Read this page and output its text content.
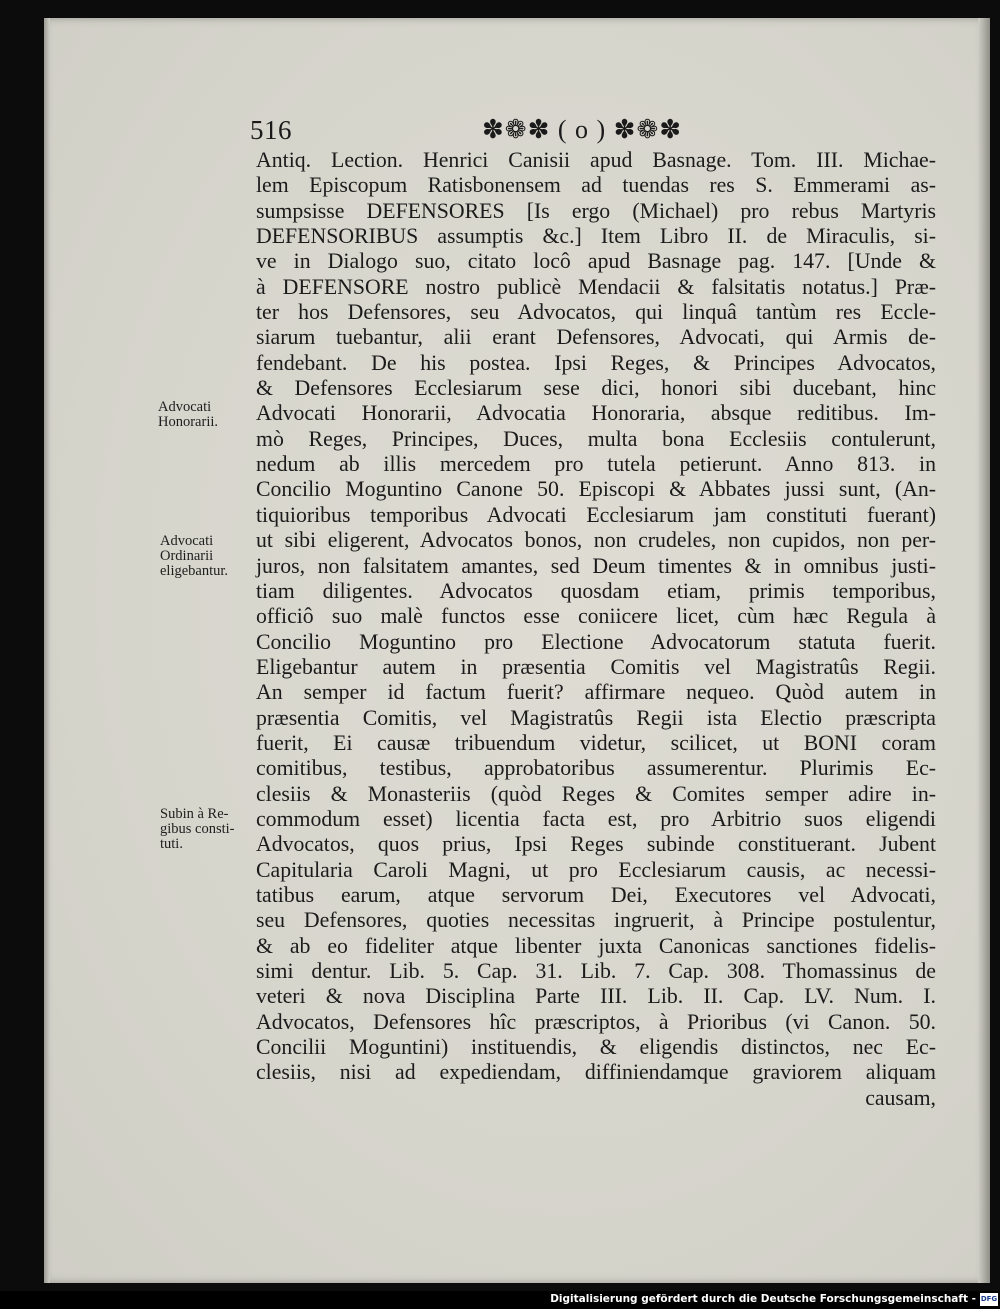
516	✽❁✽ ( o ) ✽❁✽
Antiq. Lection. Henrici Canisii apud Basnage. Tom. III. Michae-
lem Episcopum Ratisbonensem ad tuendas res S. Emmerami as-
sumpsisse DEFENSORES [Is ergo (Michael) pro rebus Martyris
DEFENSORIBUS assumptis &c.] Item Libro II. de Miraculis, si-
ve in Dialogo suo, citato locô apud Basnage pag. 147. [Unde &
à DEFENSORE nostro publicè Mendacii & falsitatis notatus.] Præ-
ter hos Defensores, seu Advocatos, qui linquâ tantùm res Eccle-
siarum tuebantur, alii erant Defensores, Advocati, qui Armis de-
fendebant. De his postea. Ipsi Reges, & Principes Advocatos,
& Defensores Ecclesiarum sese dici, honori sibi ducebant, hinc
Advocati Honorarii, Advocatia Honoraria, absque reditibus. Im-
mò Reges, Principes, Duces, multa bona Ecclesiis contulerunt,
nedum ab illis mercedem pro tutela petierunt. Anno 813. in
Concilio Moguntino Canone 50. Episcopi & Abbates jussi sunt, (An-
tiquioribus temporibus Advocati Ecclesiarum jam constituti fuerant)
ut sibi eligerent, Advocatos bonos, non crudeles, non cupidos, non per-
juros, non falsitatem amantes, sed Deum timentes & in omnibus justi-
tiam diligentes. Advocatos quosdam etiam, primis temporibus,
officiô suo malè functos esse coniicere licet, cùm hæc Regula à
Concilio Moguntino pro Electione Advocatorum statuta fuerit.
Eligebantur autem in præsentia Comitis vel Magistratûs Regii.
An semper id factum fuerit? affirmare nequeo. Quòd autem in
præsentia Comitis, vel Magistratûs Regii ista Electio præscripta
fuerit, Ei causæ tribuendum videtur, scilicet, ut BONI coram
comitibus, testibus, approbatoribus assumerentur. Plurimis Ec-
clesiis & Monasteriis (quòd Reges & Comites semper adire in-
commodum esset) licentia facta est, pro Arbitrio suos eligendi
Advocatos, quos prius, Ipsi Reges subinde constituerant. Jubent
Capitularia Caroli Magni, ut pro Ecclesiarum causis, ac necessi-
tatibus earum, atque servorum Dei, Executores vel Advocati,
seu Defensores, quoties necessitas ingruerit, à Principe postulentur,
& ab eo fideliter atque libenter juxta Canonicas sanctiones fidelis-
simi dentur. Lib. 5. Cap. 31. Lib. 7. Cap. 308. Thomassinus de
veteri & nova Disciplina Parte III. Lib. II. Cap. LV. Num. I.
Advocatos, Defensores hîc præscriptos, à Prioribus (vi Canon. 50.
Concilii Moguntini) instituendis, & eligendis distinctos, nec Ec-
clesiis, nisi ad expediendam, diffiniendamque graviorem aliquam
causam,
Advocati
Honorarii.
Advocati
Ordinarii
eligebantur.
Subin à Re-
gibus consti-
tuti.
Digitalisierung gefördert durch die Deutsche Forschungsgemeinschaft - DFG
